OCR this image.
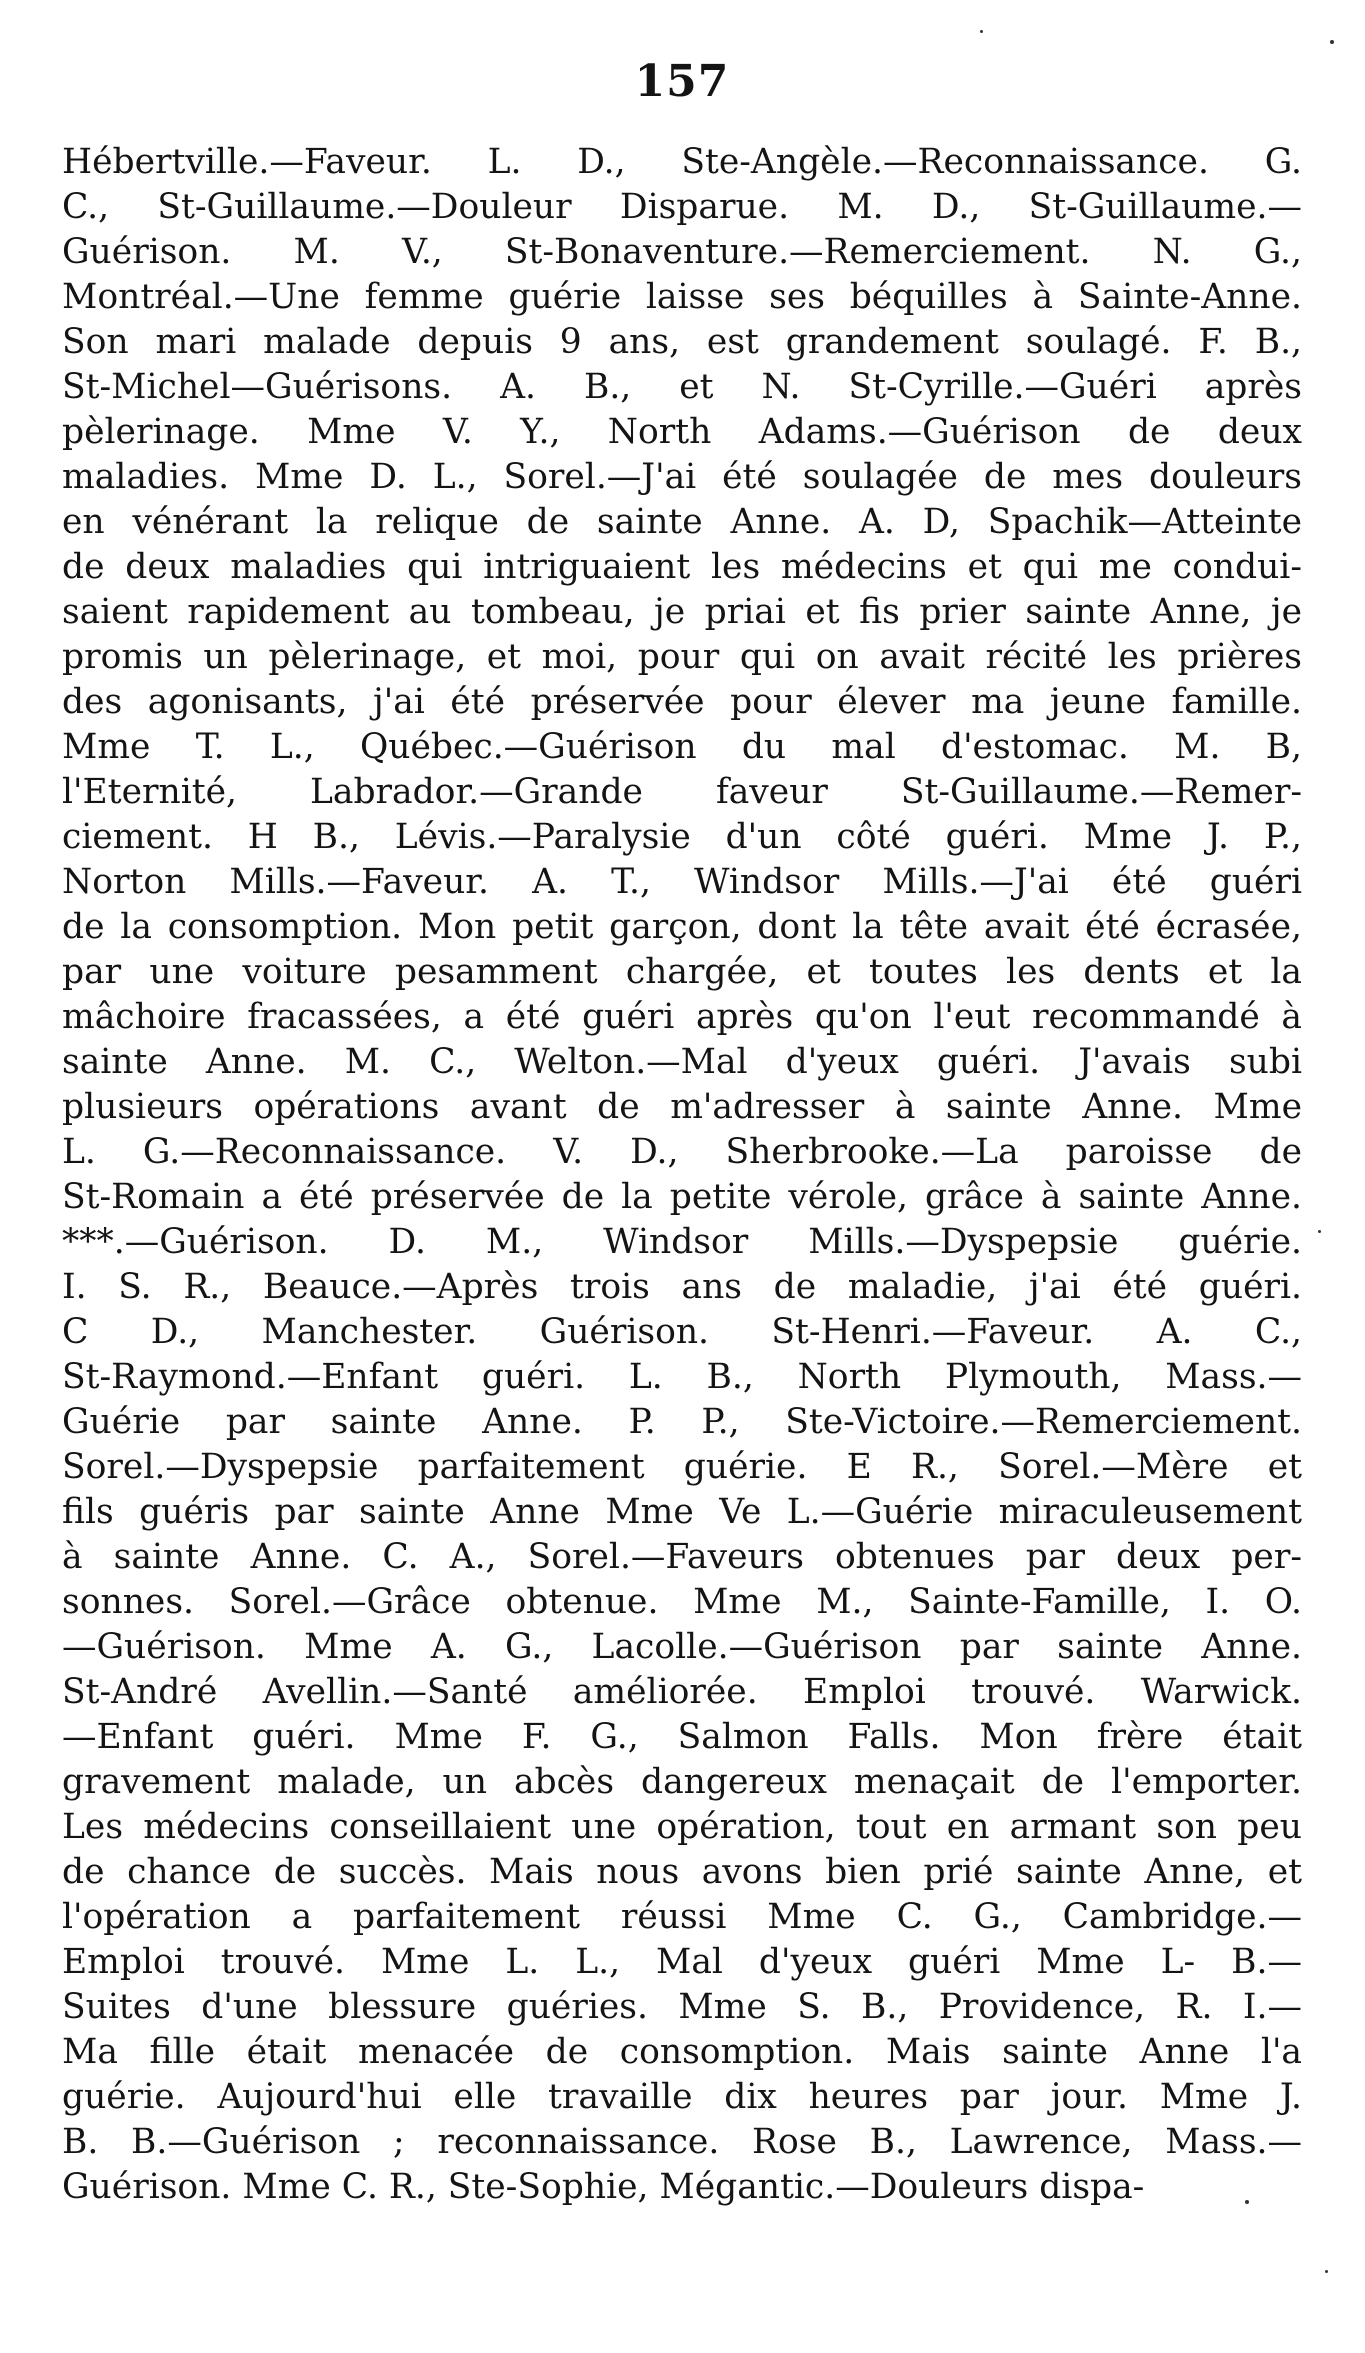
157
Hébertville.—Faveur. L. D., Ste-Angèle.—Reconnaissance. G.
C., St-Guillaume.—Douleur Disparue. M. D., St-Guillaume.—
Guérison. M. V., St-Bonaventure.—Remerciement. N. G.,
Montréal.—Une femme guérie laisse ses béquilles à Sainte-Anne.
Son mari malade depuis 9 ans, est grandement soulagé. F. B.,
St-Michel—Guérisons. A. B., et N. St-Cyrille.—Guéri après
pèlerinage. Mme V. Y., North Adams.—Guérison de deux
maladies. Mme D. L., Sorel.—J'ai été soulagée de mes douleurs
en vénérant la relique de sainte Anne. A. D, Spachik—Atteinte
de deux maladies qui intriguaient les médecins et qui me condui-
saient rapidement au tombeau, je priai et fis prier sainte Anne, je
promis un pèlerinage, et moi, pour qui on avait récité les prières
des agonisants, j'ai été préservée pour élever ma jeune famille.
Mme T. L., Québec.—Guérison du mal d'estomac. M. B,
l'Eternité, Labrador.—Grande faveur St-Guillaume.—Remer-
ciement. H B., Lévis.—Paralysie d'un côté guéri. Mme J. P.,
Norton Mills.—Faveur. A. T., Windsor Mills.—J'ai été guéri
de la consomption. Mon petit garçon, dont la tête avait été écrasée,
par une voiture pesamment chargée, et toutes les dents et la
mâchoire fracassées, a été guéri après qu'on l'eut recommandé à
sainte Anne. M. C., Welton.—Mal d'yeux guéri. J'avais subi
plusieurs opérations avant de m'adresser à sainte Anne. Mme
L. G.—Reconnaissance. V. D., Sherbrooke.—La paroisse de
St-Romain a été préservée de la petite vérole, grâce à sainte Anne.
***.—Guérison. D. M., Windsor Mills.—Dyspepsie guérie.
I. S. R., Beauce.—Après trois ans de maladie, j'ai été guéri.
C D., Manchester. Guérison. St-Henri.—Faveur. A. C.,
St-Raymond.—Enfant guéri. L. B., North Plymouth, Mass.—
Guérie par sainte Anne. P. P., Ste-Victoire.—Remerciement.
Sorel.—Dyspepsie parfaitement guérie. E R., Sorel.—Mère et
fils guéris par sainte Anne Mme Ve L.—Guérie miraculeusement
à sainte Anne. C. A., Sorel.—Faveurs obtenues par deux per-
sonnes. Sorel.—Grâce obtenue. Mme M., Sainte-Famille, I. O.
—Guérison. Mme A. G., Lacolle.—Guérison par sainte Anne.
St-André Avellin.—Santé améliorée. Emploi trouvé. Warwick.
—Enfant guéri. Mme F. G., Salmon Falls. Mon frère était
gravement malade, un abcès dangereux menaçait de l'emporter.
Les médecins conseillaient une opération, tout en armant son peu
de chance de succès. Mais nous avons bien prié sainte Anne, et
l'opération a parfaitement réussi Mme C. G., Cambridge.—
Emploi trouvé. Mme L. L., Mal d'yeux guéri Mme L- B.—
Suites d'une blessure guéries. Mme S. B., Providence, R. I.—
Ma fille était menacée de consomption. Mais sainte Anne l'a
guérie. Aujourd'hui elle travaille dix heures par jour. Mme J.
B. B.—Guérison ; reconnaissance. Rose B., Lawrence, Mass.—
Guérison. Mme C. R., Ste-Sophie, Mégantic.—Douleurs dispa-
